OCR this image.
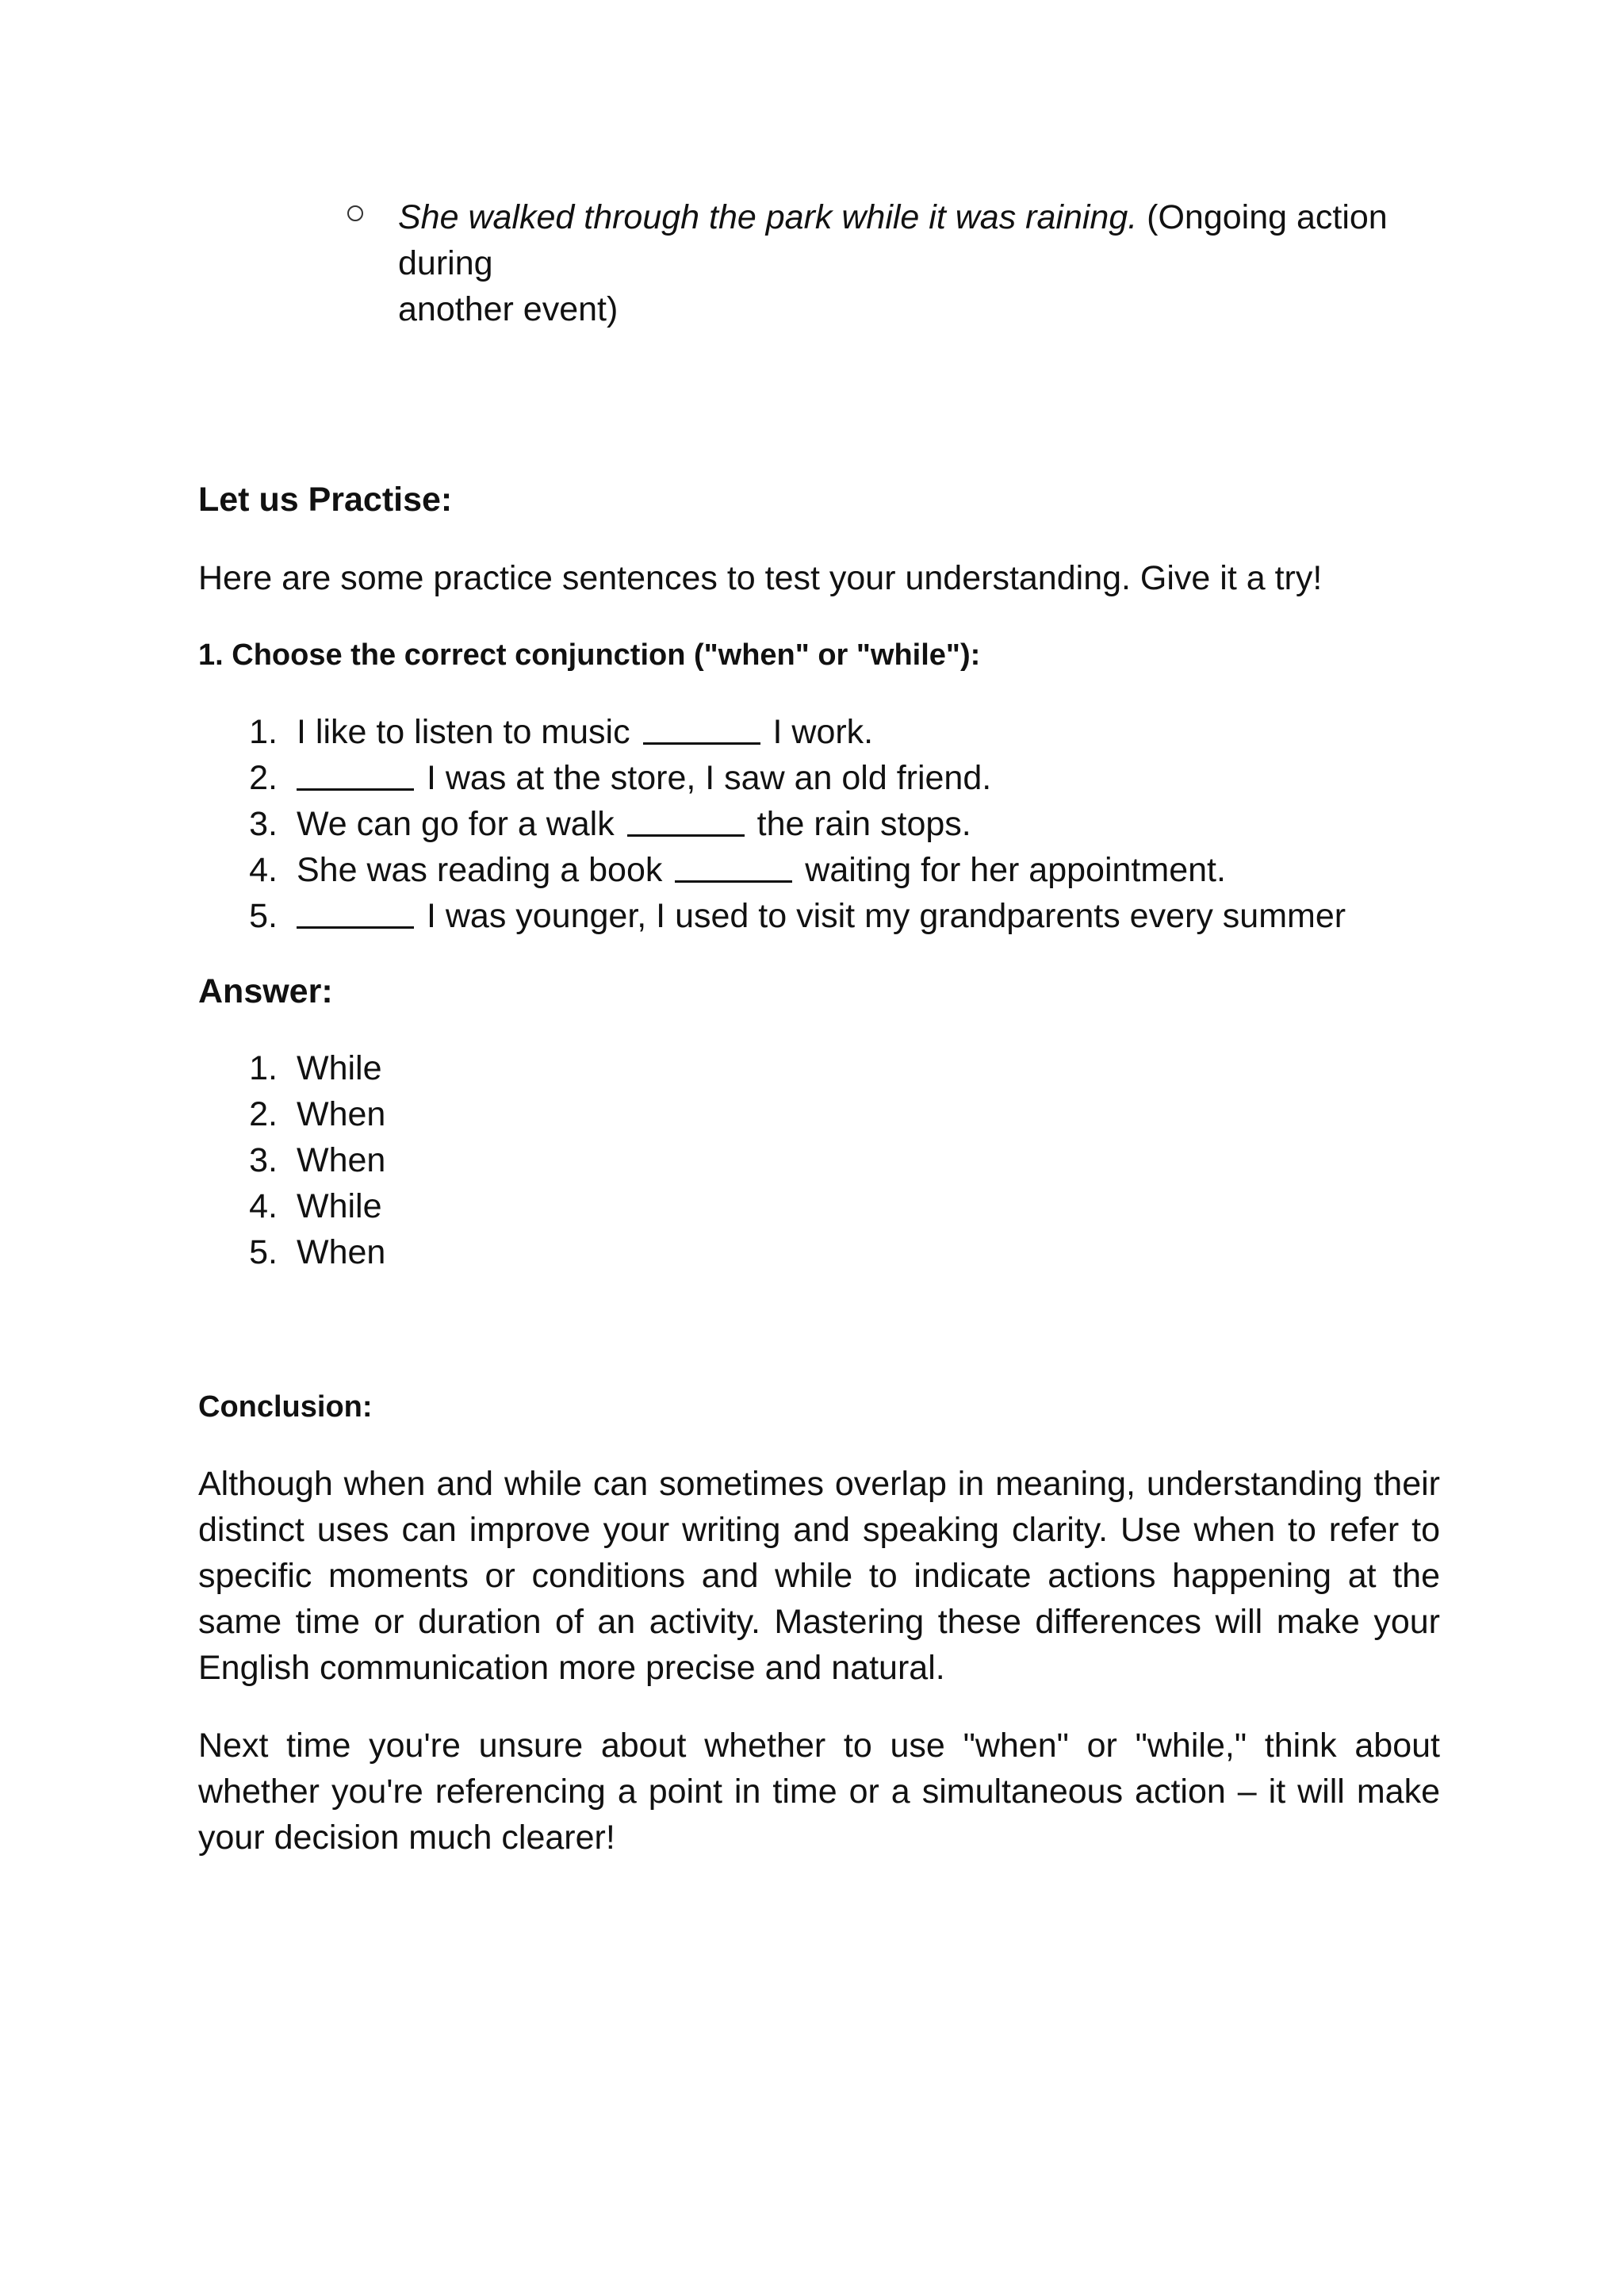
She walked through the park while it was raining. (Ongoing action during
another event)
Let us Practise:

Here are some practice sentences to test your understanding. Give it a try!

1. Choose the correct conjunction ("when" or "while"):
1. I like to listen to music	I work.
2.	I was at the store, I saw an old friend.
3. We can go for a walk	the rain stops.
4. She was reading a book	waiting for her appointment.
5.	I was younger, I used to visit my grandparents every summer
Answer:
1. While
2. When
3. When
4. While
5. When
Conclusion:

Although when and while can sometimes overlap in meaning, understanding their distinct uses can improve your writing and speaking clarity. Use when to refer to specific moments or conditions and while to indicate actions happening at the same time or duration of an activity. Mastering these differences will make your English communication more precise and natural.

Next time you're unsure about whether to use "when" or "while," think about whether you're referencing a point in time or a simultaneous action – it will make your decision much clearer!
